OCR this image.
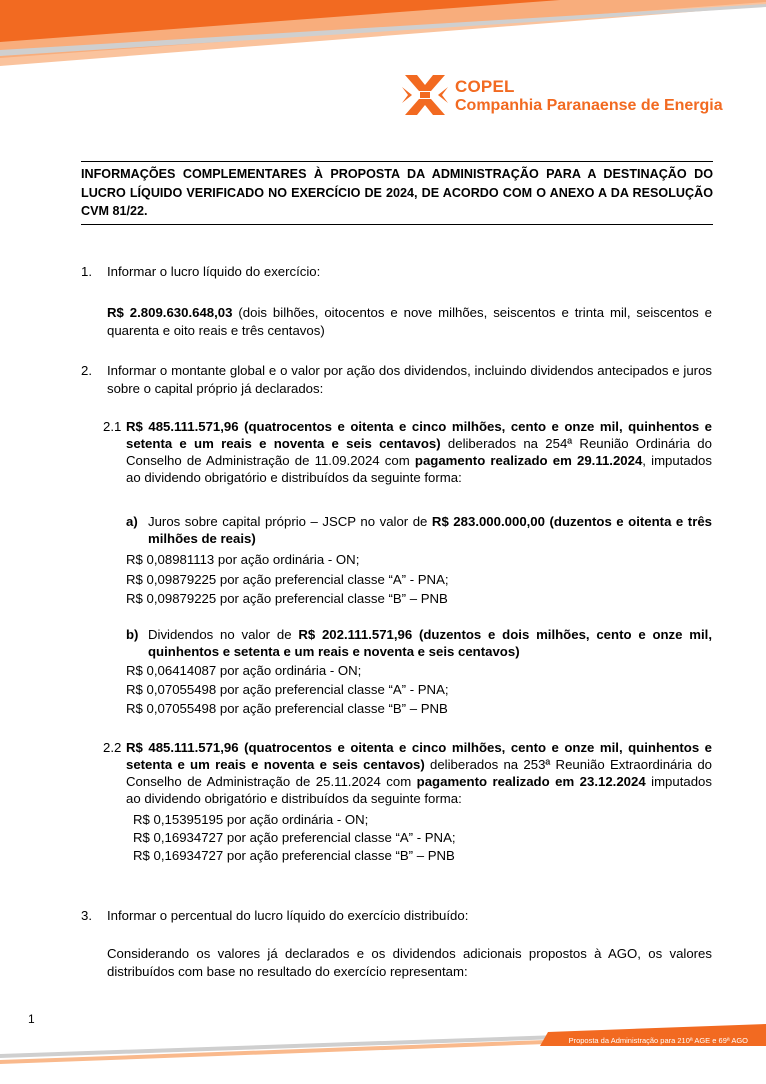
COPEL
Companhia Paranaense de Energia
INFORMAÇÕES COMPLEMENTARES À PROPOSTA DA ADMINISTRAÇÃO PARA A DESTINAÇÃO DO LUCRO LÍQUIDO VERIFICADO NO EXERCÍCIO DE 2024, DE ACORDO COM O ANEXO A DA RESOLUÇÃO CVM 81/22.
1. Informar o lucro líquido do exercício:
R$ 2.809.630.648,03 (dois bilhões, oitocentos e nove milhões, seiscentos e trinta mil, seiscentos e quarenta e oito reais e três centavos)
2. Informar o montante global e o valor por ação dos dividendos, incluindo dividendos antecipados e juros sobre o capital próprio já declarados:
2.1 R$ 485.111.571,96 (quatrocentos e oitenta e cinco milhões, cento e onze mil, quinhentos e setenta e um reais e noventa e seis centavos) deliberados na 254ª Reunião Ordinária do Conselho de Administração de 11.09.2024 com pagamento realizado em 29.11.2024, imputados ao dividendo obrigatório e distribuídos da seguinte forma:
a) Juros sobre capital próprio – JSCP no valor de R$ 283.000.000,00 (duzentos e oitenta e três milhões de reais)
R$ 0,08981113 por ação ordinária - ON;
R$ 0,09879225 por ação preferencial classe “A” - PNA;
R$ 0,09879225 por ação preferencial classe “B” – PNB
b) Dividendos no valor de R$ 202.111.571,96 (duzentos e dois milhões, cento e onze mil, quinhentos e setenta e um reais e noventa e seis centavos)
R$ 0,06414087 por ação ordinária - ON;
R$ 0,07055498 por ação preferencial classe “A” - PNA;
R$ 0,07055498 por ação preferencial classe “B” – PNB
2.2 R$ 485.111.571,96 (quatrocentos e oitenta e cinco milhões, cento e onze mil, quinhentos e setenta e um reais e noventa e seis centavos) deliberados na 253ª Reunião Extraordinária do Conselho de Administração de 25.11.2024 com pagamento realizado em 23.12.2024 imputados ao dividendo obrigatório e distribuídos da seguinte forma:
R$ 0,15395195 por ação ordinária - ON;
R$ 0,16934727 por ação preferencial classe “A” - PNA;
R$ 0,16934727 por ação preferencial classe “B” – PNB
3. Informar o percentual do lucro líquido do exercício distribuído:
Considerando os valores já declarados e os dividendos adicionais propostos à AGO, os valores distribuídos com base no resultado do exercício representam:
1
Proposta da Administração para 210ª AGE e 69ª AGO
